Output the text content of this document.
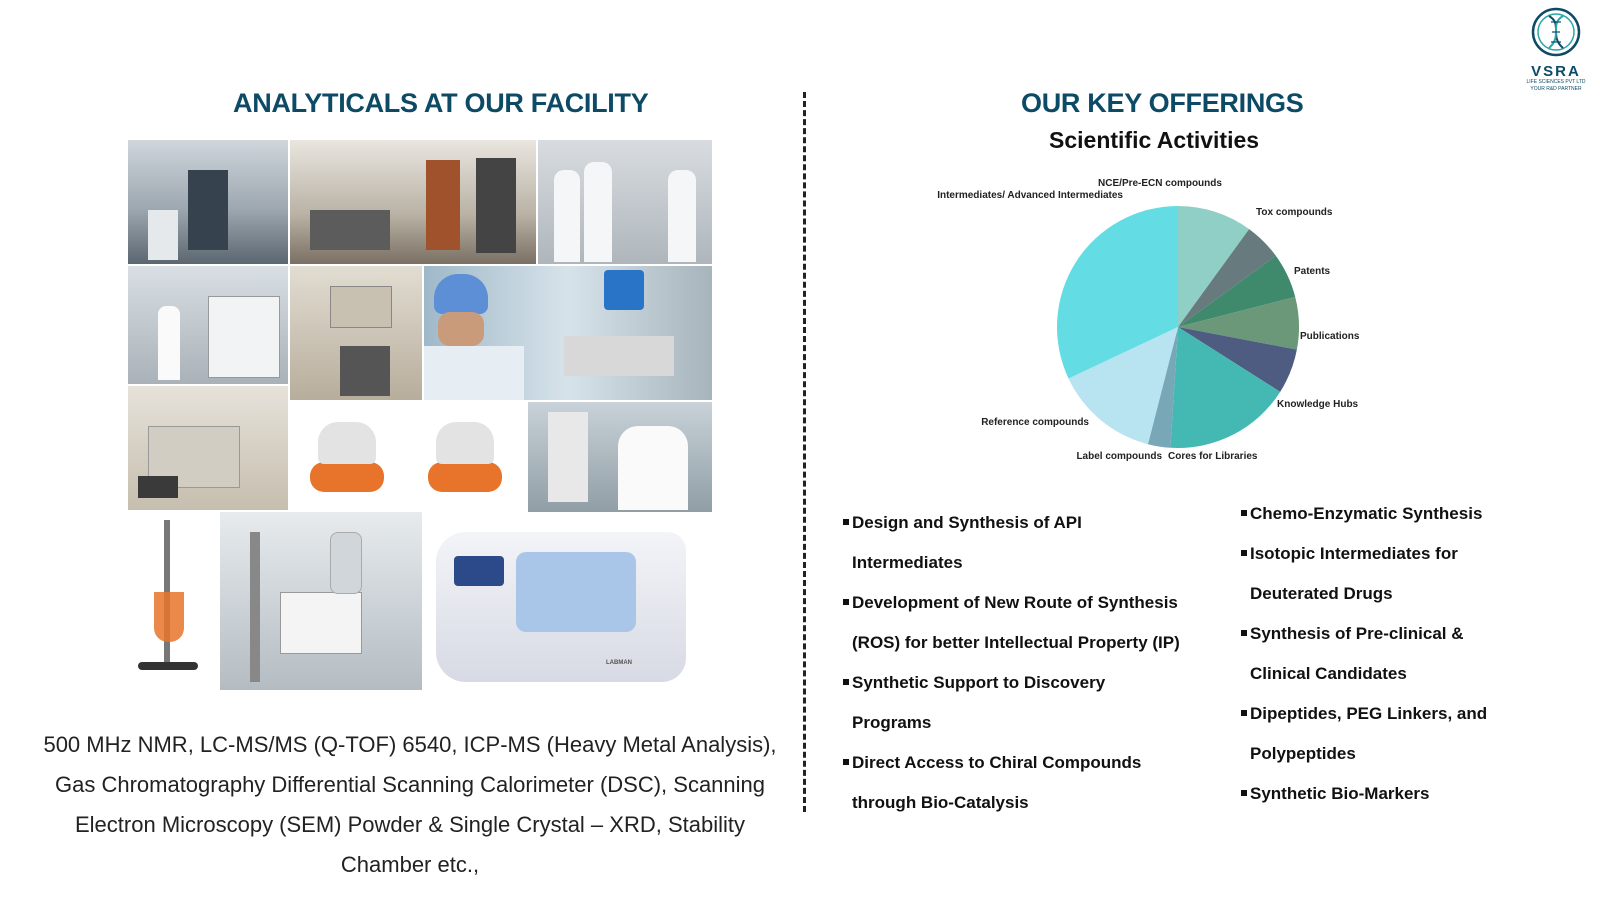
VSRA
LIFE SCIENCES PVT LTD
YOUR R&D PARTNER
ANALYTICALS AT OUR FACILITY
LABMAN
500 MHz NMR, LC-MS/MS (Q-TOF) 6540, ICP-MS (Heavy Metal Analysis), Gas Chromatography Differential Scanning Calorimeter (DSC), Scanning Electron Microscopy (SEM) Powder & Single Crystal – XRD, Stability Chamber etc.,
OUR KEY OFFERINGS
Scientific Activities
NCE/Pre-ECN compounds
Tox compounds
Patents
Publications
Knowledge Hubs
Cores for Libraries
Label compounds
Reference compounds
Intermediates/ Advanced Intermediates
Design and Synthesis of API
Intermediates
Development of New Route of Synthesis
(ROS) for better Intellectual Property (IP)
Synthetic Support to Discovery
Programs
Direct Access to Chiral Compounds
through Bio-Catalysis
Chemo-Enzymatic Synthesis
Isotopic Intermediates for
Deuterated Drugs
Synthesis of Pre-clinical &
Clinical Candidates
Dipeptides, PEG Linkers, and
Polypeptides
Synthetic Bio-Markers
